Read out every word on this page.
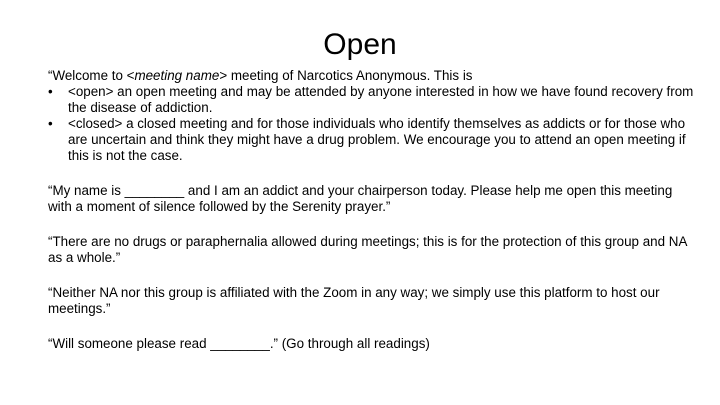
Open

“Welcome to <meeting name> meeting of Narcotics Anonymous. This is

• <open> an open meeting and may be attended by anyone interested in how we have found recovery from the disease of addiction.
• <closed> a closed meeting and for those individuals who identify themselves as addicts or for those who are uncertain and think they might have a drug problem. We encourage you to attend an open meeting if this is not the case.

“My name is ________ and I am an addict and your chairperson today. Please help me open this meeting with a moment of silence followed by the Serenity prayer.”

“There are no drugs or paraphernalia allowed during meetings; this is for the protection of this group and NA as a whole.”

“Neither NA nor this group is affiliated with the Zoom in any way; we simply use this platform to host our meetings.”

“Will someone please read ________.” (Go through all readings)
